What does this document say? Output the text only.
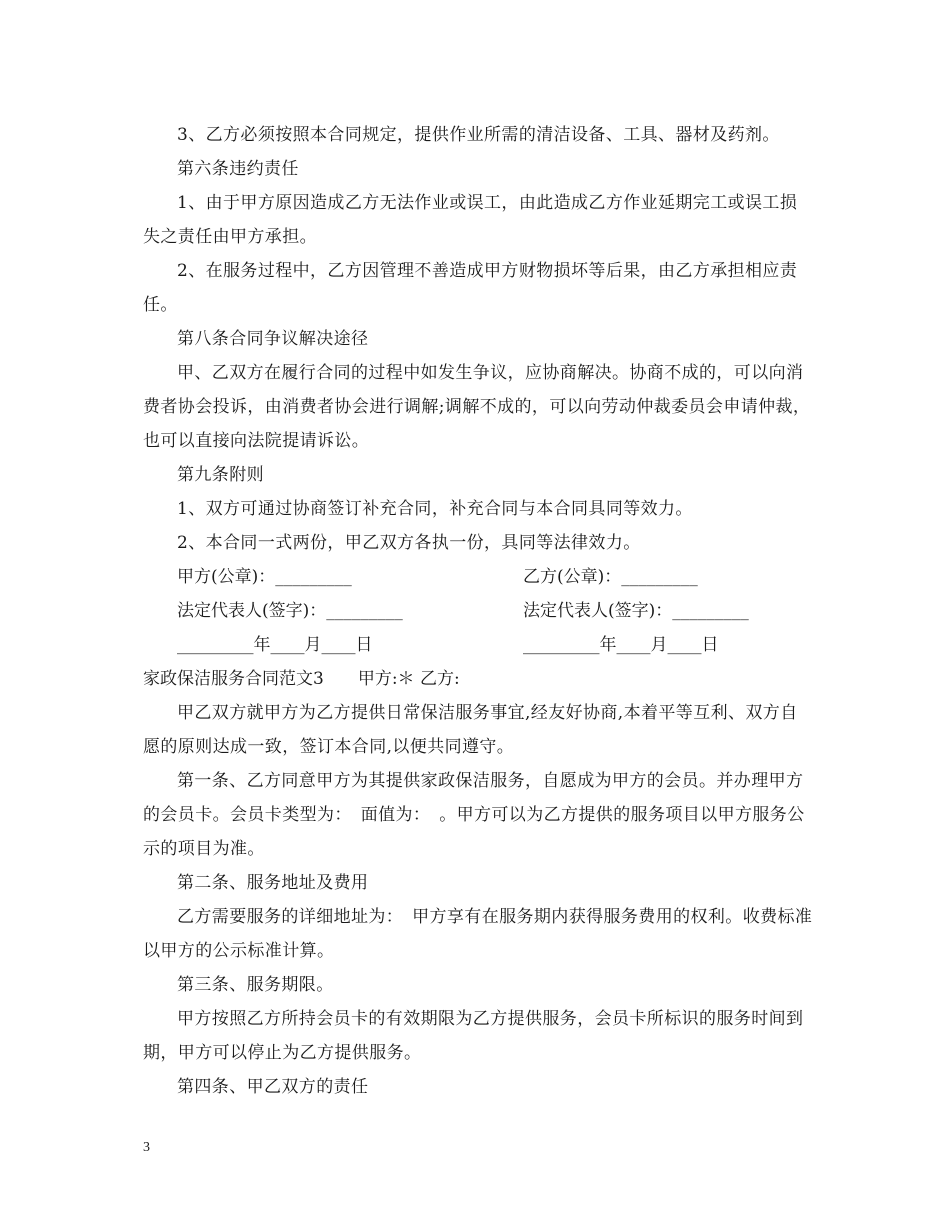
3、乙方必须按照本合同规定，提供作业所需的清洁设备、工具、器材及药剂。

第六条违约责任

1、由于甲方原因造成乙方无法作业或误工，由此造成乙方作业延期完工或误工损失之责任由甲方承担。

2、在服务过程中，乙方因管理不善造成甲方财物损坏等后果，由乙方承担相应责任。

第八条合同争议解决途径

甲、乙双方在履行合同的过程中如发生争议，应协商解决。协商不成的，可以向消费者协会投诉，由消费者协会进行调解;调解不成的，可以向劳动仲裁委员会申请仲裁，也可以直接向法院提请诉讼。

第九条附则

1、双方可通过协商签订补充合同，补充合同与本合同具同等效力。

2、本合同一式两份，甲乙双方各执一份，具同等法律效力。

甲方(公章)：_________	乙方(公章)：_________
法定代表人(签字)：_________	法定代表人(签字)：_________
_________年____月____日	_________年____月____日
家政保洁服务合同范文3　　甲方:＊ 乙方:

甲乙双方就甲方为乙方提供日常保洁服务事宜,经友好协商,本着平等互利、双方自愿的原则达成一致，签订本合同,以便共同遵守。

第一条、乙方同意甲方为其提供家政保洁服务，自愿成为甲方的会员。并办理甲方的会员卡。会员卡类型为：　面值为：　。甲方可以为乙方提供的服务项目以甲方服务公示的项目为准。

第二条、服务地址及费用

乙方需要服务的详细地址为：　甲方享有在服务期内获得服务费用的权利。收费标准以甲方的公示标准计算。

第三条、服务期限。

甲方按照乙方所持会员卡的有效期限为乙方提供服务，会员卡所标识的服务时间到期，甲方可以停止为乙方提供服务。

第四条、甲乙双方的责任

3
